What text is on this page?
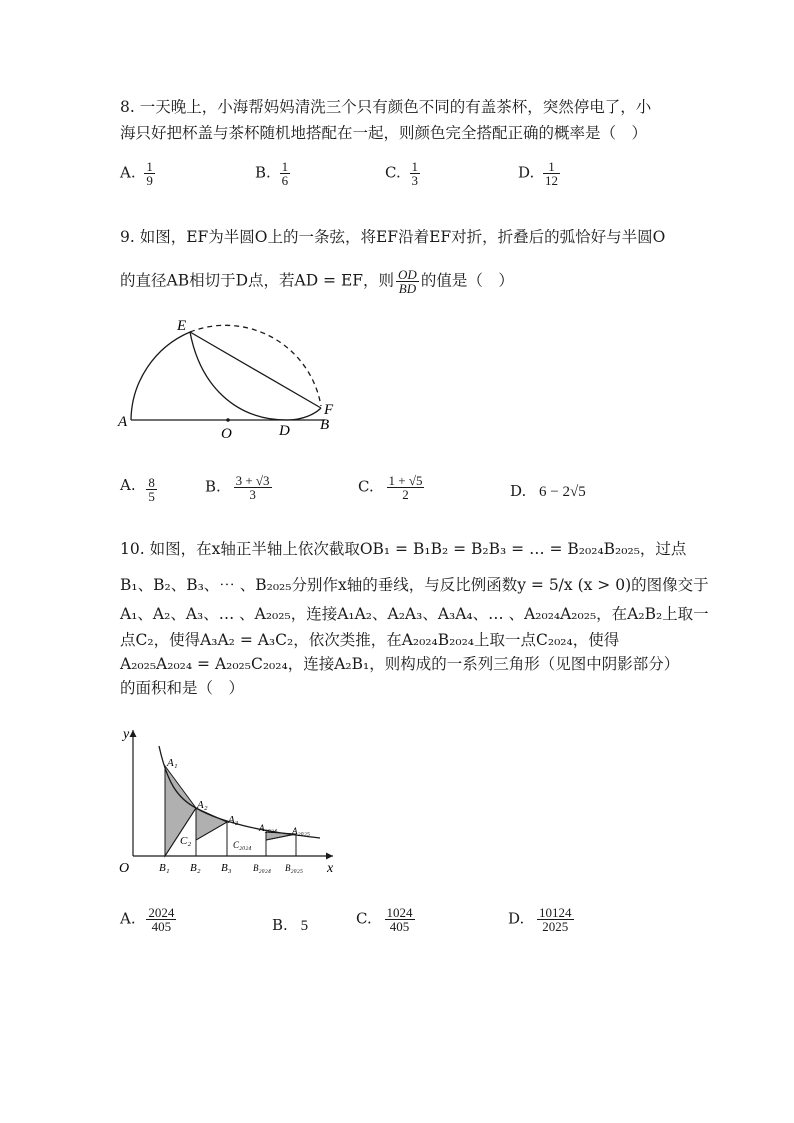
8. 一天晚上，小海帮妈妈清洗三个只有颜色不同的有盖茶杯，突然停电了，小
海只好把杯盖与茶杯随机地搭配在一起，则颜色完全搭配正确的概率是（　）
A. $\frac{1}{9}$	B. $\frac{1}{6}$	C. $\frac{1}{3}$	D. $\frac{1}{12}$
9. 如图，EF为半圆O上的一条弦，将EF沿着EF对折，折叠后的弧恰好与半圆O
的直径AB相切于D点，若AD = EF，则 $\frac{OD}{BD}$ 的值是（　）
E
F
A
O	D B
A. $\frac{8}{5}$	B. $\frac{3 + √3}{3}$	C. $\frac{1 + √5}{2}$	D. 6 − 2√5
10. 如图，在x轴正半轴上依次截取OB₁ = B₁B₂ = B₂B₃ = … = B₂₀₂₄B₂₀₂₅，过点
B₁、B₂、B₃、⋯ 、B₂₀₂₅分别作x轴的垂线，与反比例函数y = 5/x (x > 0)的图像交于
A₁、A₂、A₃、… 、A₂₀₂₅，连接A₁A₂、A₂A₃、A₃A₄、… 、A₂₀₂₄A₂₀₂₅，在A₂B₂上取一
点C₂，使得A₃A₂ = A₃C₂，依次类推，在A₂₀₂₄B₂₀₂₄上取一点C₂₀₂₄，使得
A₂₀₂₅A₂₀₂₄ = A₂₀₂₅C₂₀₂₄，连接A₂B₁，则构成的一系列三角形（见图中阴影部分）
的面积和是（　）
y
x
O
A₁
A₂
A₃
A₂₀₂₄ A₂₀₂₅
C₂	C₂₀₂₄
B₁ B₂ B₃ B₂₀₂₄ B₂₀₂₅
A. $\frac{2024}{405}$	B. 5	C. $\frac{1024}{405}$	D. $\frac{10124}{2025}$
